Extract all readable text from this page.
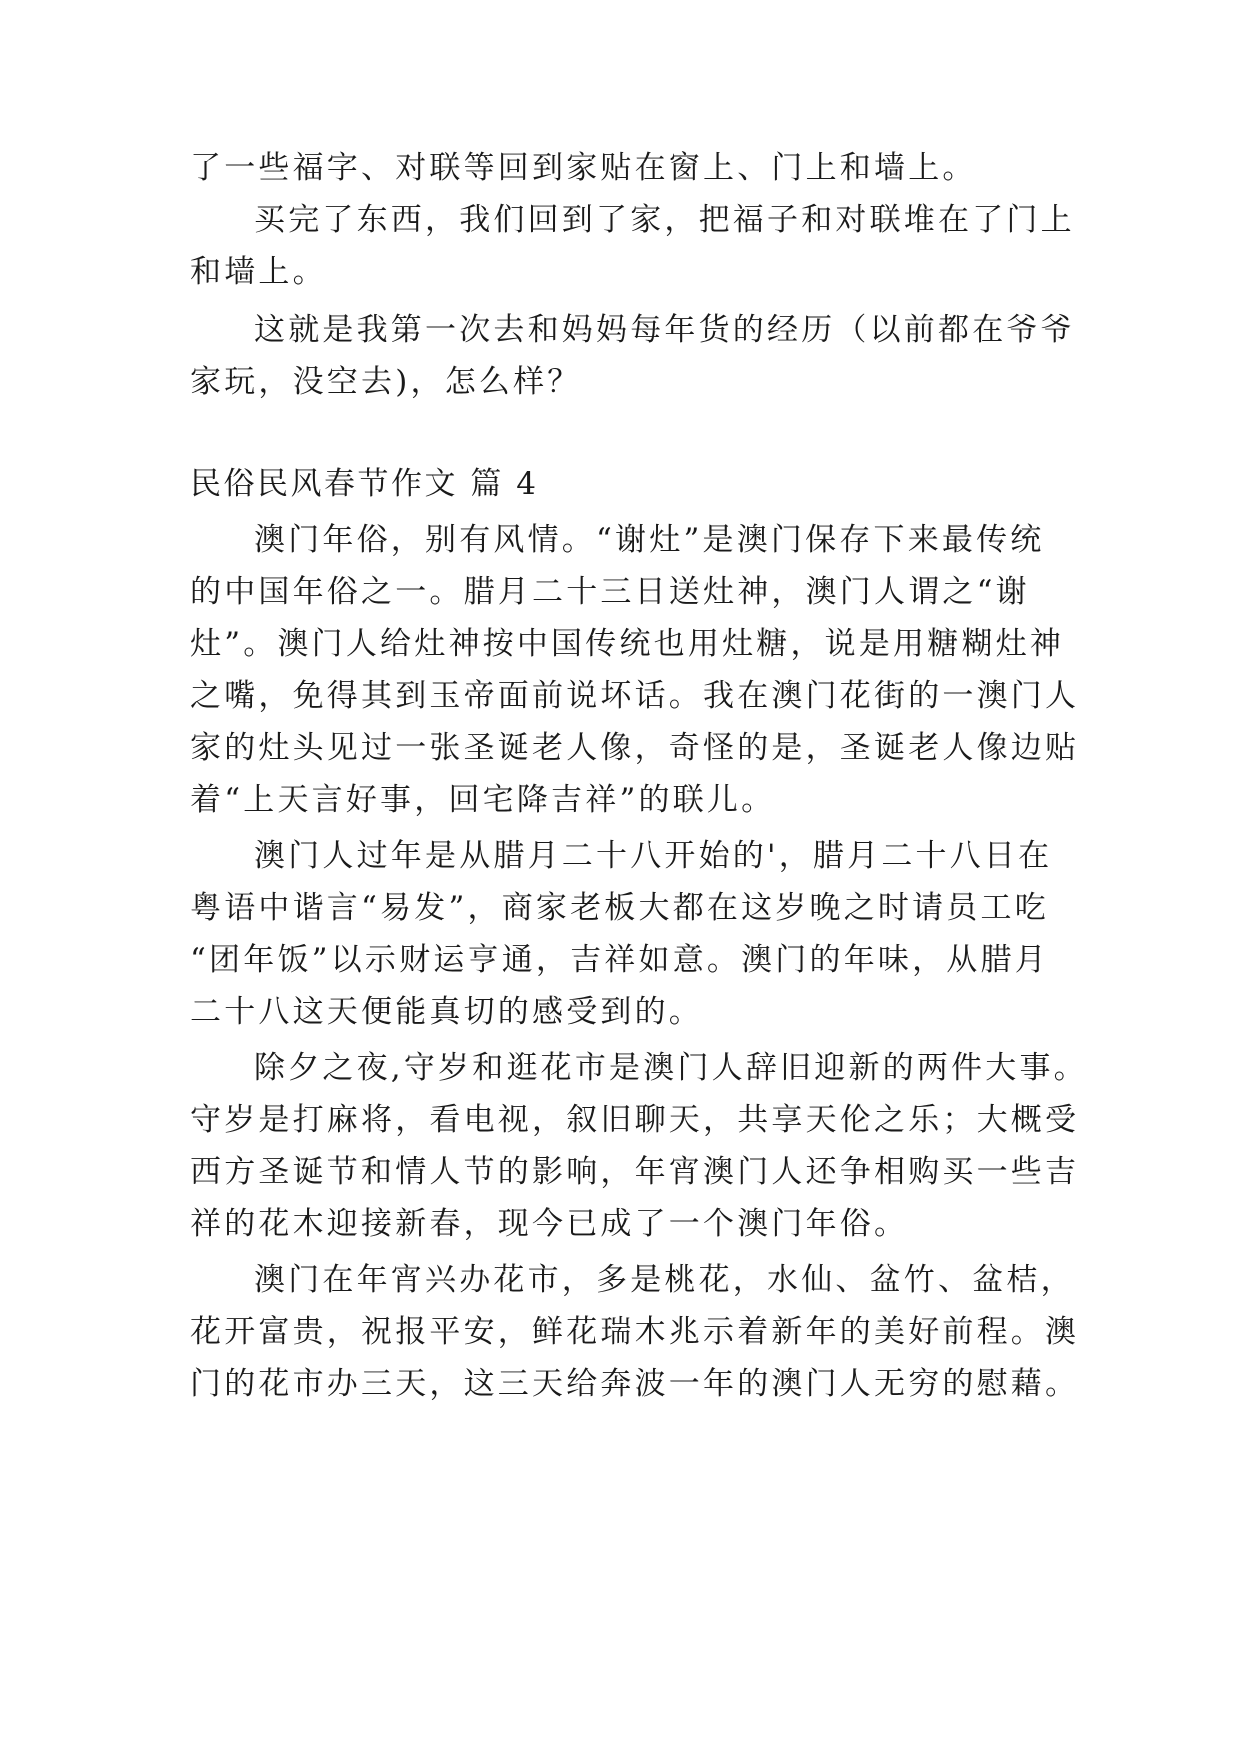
了一些福字、对联等回到家贴在窗上、门上和墙上。
买完了东西，我们回到了家，把福子和对联堆在了门上
和墙上。
这就是我第一次去和妈妈每年货的经历（以前都在爷爷
家玩，没空去)，怎么样？
民俗民风春节作文 篇 4
澳门年俗，别有风情。“谢灶”是澳门保存下来最传统
的中国年俗之一。腊月二十三日送灶神，澳门人谓之“谢
灶”。澳门人给灶神按中国传统也用灶糖，说是用糖糊灶神
之嘴，免得其到玉帝面前说坏话。我在澳门花街的一澳门人
家的灶头见过一张圣诞老人像，奇怪的是，圣诞老人像边贴
着“上天言好事，回宅降吉祥”的联儿。
澳门人过年是从腊月二十八开始的'，腊月二十八日在
粤语中谐言“易发”，商家老板大都在这岁晚之时请员工吃
“团年饭”以示财运亨通，吉祥如意。澳门的年味，从腊月
二十八这天便能真切的感受到的。
除夕之夜,守岁和逛花市是澳门人辞旧迎新的两件大事。
守岁是打麻将，看电视，叙旧聊天，共享天伦之乐；大概受
西方圣诞节和情人节的影响，年宵澳门人还争相购买一些吉
祥的花木迎接新春，现今已成了一个澳门年俗。
澳门在年宵兴办花市，多是桃花，水仙、盆竹、盆桔，
花开富贵，祝报平安，鲜花瑞木兆示着新年的美好前程。澳
门的花市办三天，这三天给奔波一年的澳门人无穷的慰藉。
